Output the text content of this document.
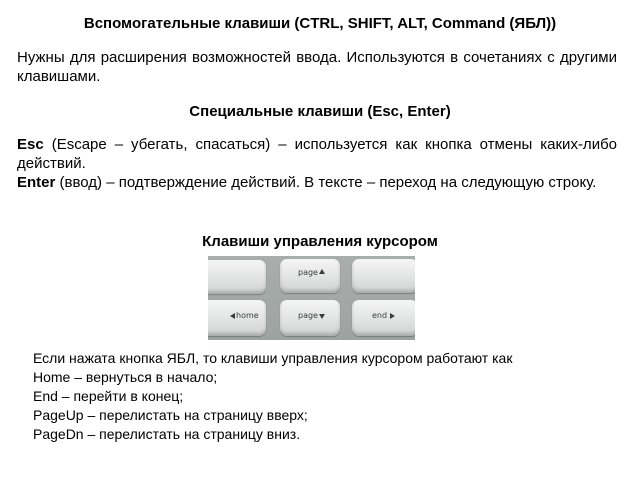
Вспомогательные клавиши (CTRL, SHIFT, ALT, Command (ЯБЛ))
Нужны для расширения возможностей ввода. Используются в сочетаниях с другими клавишами.
Специальные клавиши (Esc, Enter)
Esc (Escape – убегать, спасаться) – используется как кнопка отмены каких-либо действий.
Enter (ввод) – подтверждение действий. В тексте – переход на следующую строку.
Клавиши управления курсором
page
home	page	end
Если нажата кнопка ЯБЛ, то клавиши управления курсором работают как
Home – вернуться в начало;
End – перейти в конец;
PageUp – перелистать на страницу вверх;
PageDn – перелистать на страницу вниз.
